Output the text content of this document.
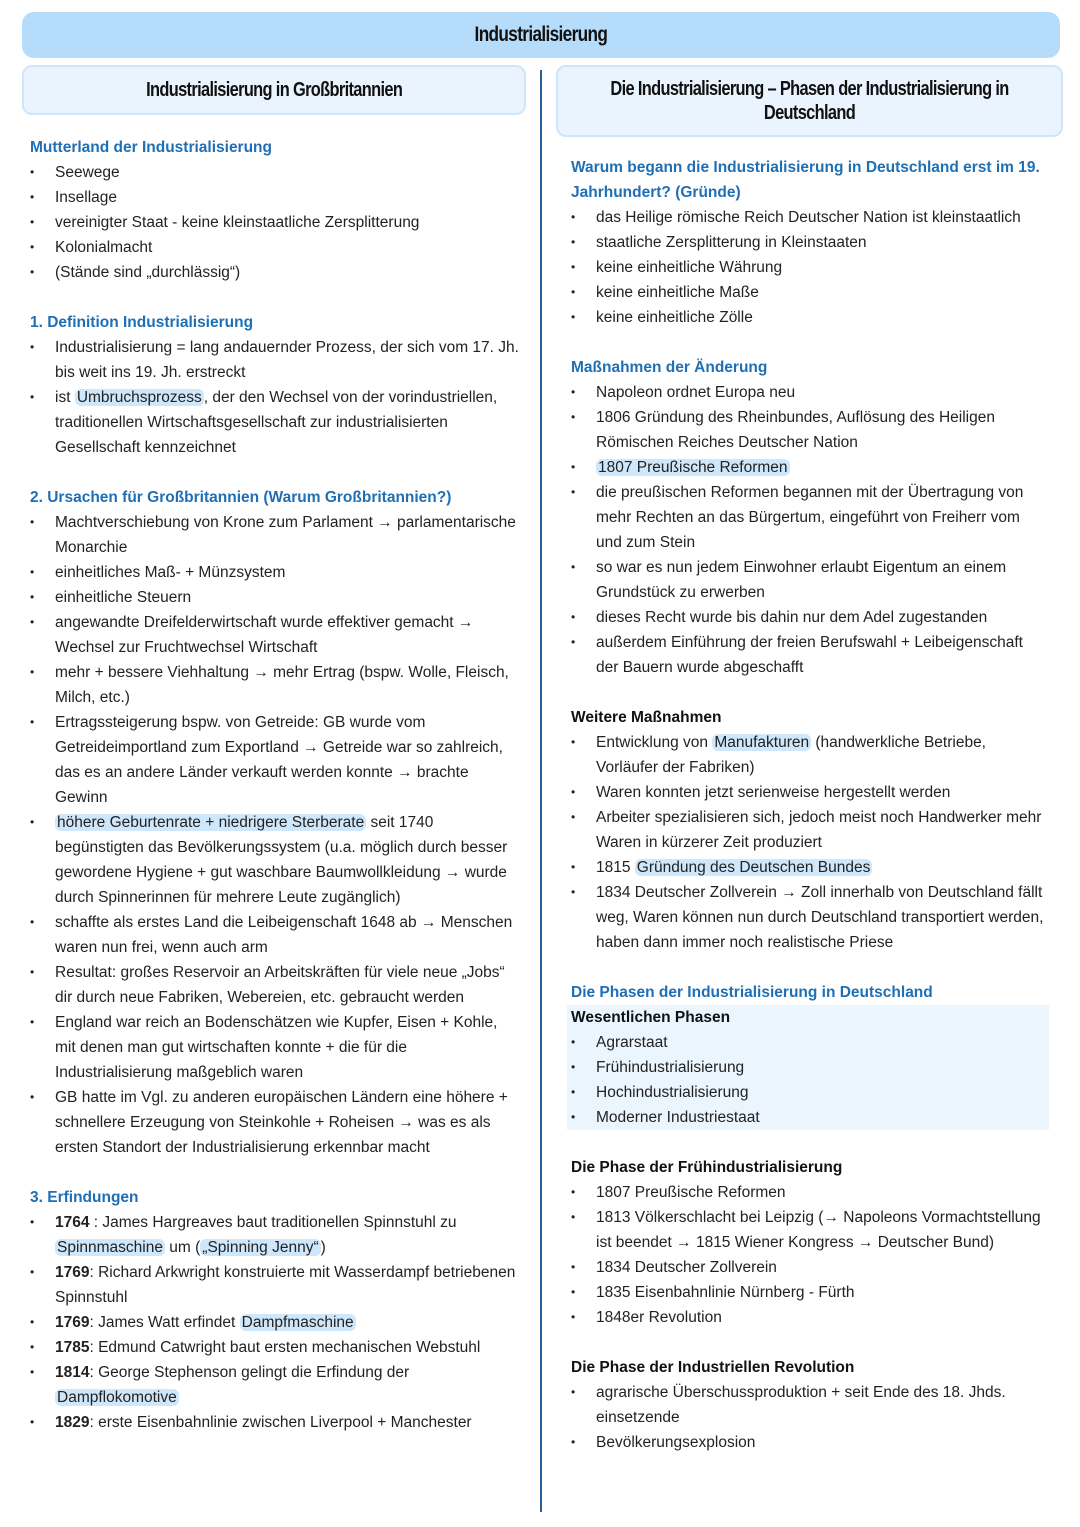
Industrialisierung
Industrialisierung in Großbritannien	Die Industrialisierung – Phasen der Industrialisierung in Deutschland
Mutterland der Industrialisierung
• Seewege
• Insellage
• vereinigter Staat - keine kleinstaatliche Zersplitterung
• Kolonialmacht
• (Stände sind „durchlässig“)
1. Definition Industrialisierung
• Industrialisierung = lang andauernder Prozess, der sich vom 17. Jh. bis weit ins 19. Jh. erstreckt
• ist Umbruchsprozess , der den Wechsel von der vorindustriellen, traditionellen Wirtschaftsgesellschaft zur industrialisierten Gesellschaft kennzeichnet
2. Ursachen für Großbritannien (Warum Großbritannien?)
• Machtverschiebung von Krone zum Parlament → parlamentarische Monarchie
• einheitliches Maß- + Münzsystem
• einheitliche Steuern
• angewandte Dreifelderwirtschaft wurde effektiver gemacht → Wechsel zur Fruchtwechsel Wirtschaft
• mehr + bessere Viehhaltung → mehr Ertrag (bspw. Wolle, Fleisch, Milch, etc.)
• Ertragssteigerung bspw. von Getreide: GB wurde vom Getreideimportland zum Exportland → Getreide war so zahlreich, das es an andere Länder verkauft werden konnte → brachte Gewinn
• höhere Geburtenrate + niedrigere Sterberate seit 1740 begünstigten das Bevölkerungssystem (u.a. möglich durch besser gewordene Hygiene + gut waschbare Baumwollkleidung → wurde durch Spinnerinnen für mehrere Leute zugänglich)
• schaffte als erstes Land die Leibeigenschaft 1648 ab → Menschen waren nun frei, wenn auch arm
• Resultat: großes Reservoir an Arbeitskräften für viele neue „Jobs“ dir durch neue Fabriken, Webereien, etc. gebraucht werden
• England war reich an Bodenschätzen wie Kupfer, Eisen + Kohle, mit denen man gut wirtschaften konnte + die für die Industrialisierung maßgeblich waren
• GB hatte im Vgl. zu anderen europäischen Ländern eine höhere + schnellere Erzeugung von Steinkohle + Roheisen → was es als ersten Standort der Industrialisierung erkennbar macht
3. Erfindungen
• 1764 : James Hargreaves baut traditionellen Spinnstuhl zu Spinnmaschine um ( „Spinning Jenny“ )
• 1769: Richard Arkwright konstruierte mit Wasserdampf betriebenen Spinnstuhl
• 1769: James Watt erfindet Dampfmaschine
• 1785: Edmund Catwright baut ersten mechanischen Webstuhl
• 1814: George Stephenson gelingt die Erfindung der Dampflokomotive
• 1829: erste Eisenbahnlinie zwischen Liverpool + Manchester
Warum begann die Industrialisierung in Deutschland erst im 19. Jahrhundert? (Gründe)
• das Heilige römische Reich Deutscher Nation ist kleinstaatlich
• staatliche Zersplitterung in Kleinstaaten
• keine einheitliche Währung
• keine einheitliche Maße
• keine einheitliche Zölle
Maßnahmen der Änderung
• Napoleon ordnet Europa neu
• 1806 Gründung des Rheinbundes, Auflösung des Heiligen Römischen Reiches Deutscher Nation
• 1807 Preußische Reformen
• die preußischen Reformen begannen mit der Übertragung von mehr Rechten an das Bürgertum, eingeführt von Freiherr vom und zum Stein
• so war es nun jedem Einwohner erlaubt Eigentum an einem Grundstück zu erwerben
• dieses Recht wurde bis dahin nur dem Adel zugestanden
• außerdem Einführung der freien Berufswahl + Leibeigenschaft der Bauern wurde abgeschafft
Weitere Maßnahmen
• Entwicklung von Manufakturen (handwerkliche Betriebe, Vorläufer der Fabriken)
• Waren konnten jetzt serienweise hergestellt werden
• Arbeiter spezialisieren sich, jedoch meist noch Handwerker mehr Waren in kürzerer Zeit produziert
• 1815 Gründung des Deutschen Bundes
• 1834 Deutscher Zollverein → Zoll innerhalb von Deutschland fällt weg, Waren können nun durch Deutschland transportiert werden, haben dann immer noch realistische Priese
Die Phasen der Industrialisierung in Deutschland
Wesentlichen Phasen
• Agrarstaat
• Frühindustrialisierung
• Hochindustrialisierung
• Moderner Industriestaat
Die Phase der Frühindustrialisierung
• 1807 Preußische Reformen
• 1813 Völkerschlacht bei Leipzig (→ Napoleons Vormachtstellung ist beendet → 1815 Wiener Kongress → Deutscher Bund)
• 1834 Deutscher Zollverein
• 1835 Eisenbahnlinie Nürnberg - Fürth
• 1848er Revolution
Die Phase der Industriellen Revolution
• agrarische Überschussproduktion + seit Ende des 18. Jhds. einsetzende
• Bevölkerungsexplosion
